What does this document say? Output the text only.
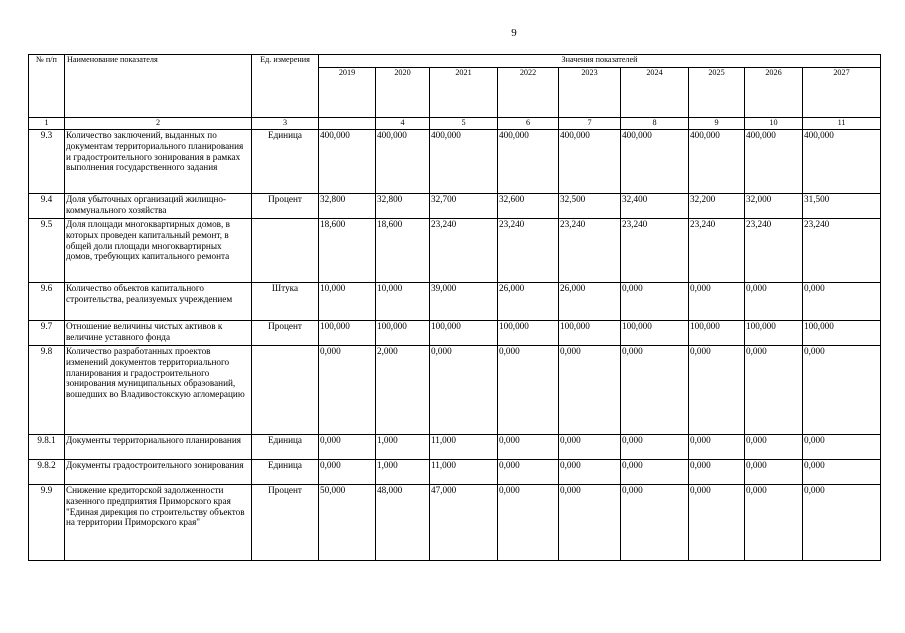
9
№ п/п	Наименование показателя	Ед. измерения	Значения показателей								
			2019	2020	2021	2022	2023	2024	2025	2026	2027
1	2	3		4	5	6	7	8	9	10	11
9.3	Количество заключений, выданных по документам территориального планирования и градостроительного зонирования в рамках выполнения государственного задания	Единица	400,000	400,000	400,000	400,000	400,000	400,000	400,000	400,000	400,000
9.4	Доля убыточных организаций жилищно-коммунального хозяйства	Процент	32,800	32,800	32,700	32,600	32,500	32,400	32,200	32,000	31,500
9.5	Доля площади многоквартирных домов, в которых проведен капитальный ремонт, в общей доли площади многоквартирных домов, требующих капитального ремонта		18,600	18,600	23,240	23,240	23,240	23,240	23,240	23,240	23,240
9.6	Количество объектов капитального строительства, реализуемых учреждением	Штука	10,000	10,000	39,000	26,000	26,000	0,000	0,000	0,000	0,000
9.7	Отношение величины чистых активов к величине уставного фонда	Процент	100,000	100,000	100,000	100,000	100,000	100,000	100,000	100,000	100,000
9.8	Количество разработанных проектов изменений документов территориального планирования и градостроительного зонирования муниципальных образований, вошедших во Владивостокскую агломерацию		0,000	2,000	0,000	0,000	0,000	0,000	0,000	0,000	0,000
9.8.1	Документы территориального планирования	Единица	0,000	1,000	11,000	0,000	0,000	0,000	0,000	0,000	0,000
9.8.2	Документы градостроительного зонирования	Единица	0,000	1,000	11,000	0,000	0,000	0,000	0,000	0,000	0,000
9.9	Снижение кредиторской задолженности казенного предприятия Приморского края "Единая дирекция по строительству объектов на территории Приморского края"	Процент	50,000	48,000	47,000	0,000	0,000	0,000	0,000	0,000	0,000
